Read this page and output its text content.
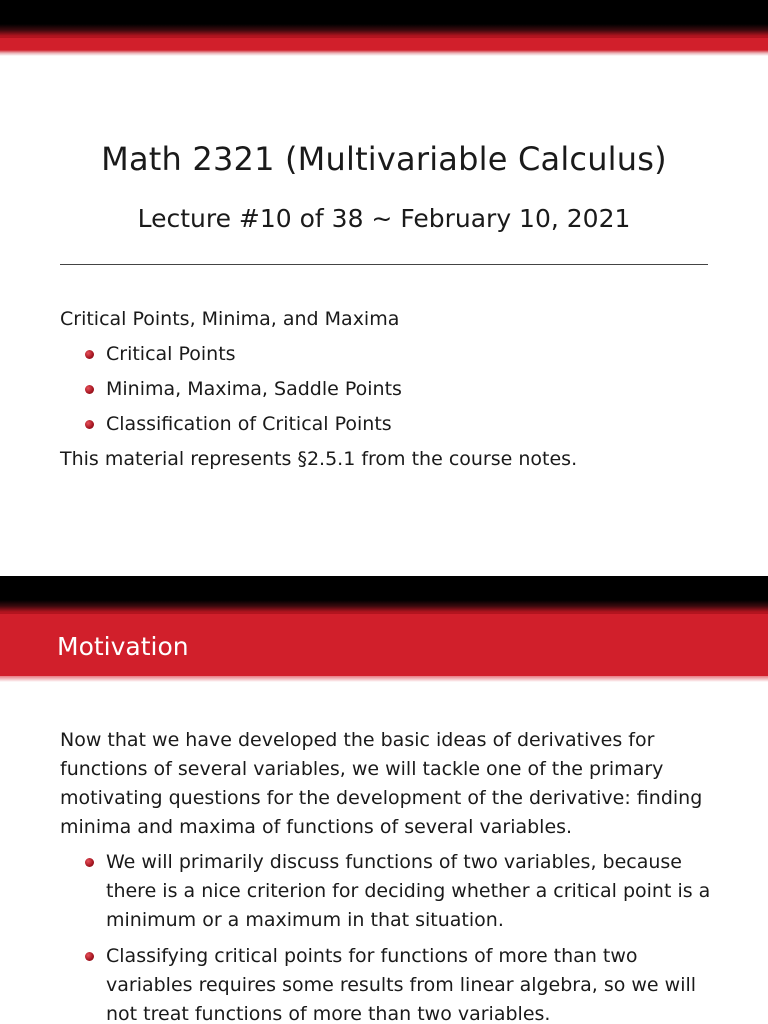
Math 2321 (Multivariable Calculus)
Lecture #10 of 38 ∼ February 10, 2021
Critical Points, Minima, and Maxima
Critical Points
Minima, Maxima, Saddle Points
Classification of Critical Points
This material represents §2.5.1 from the course notes.
Motivation

Now that we have developed the basic ideas of derivatives for functions of several variables, we will tackle one of the primary motivating questions for the development of the derivative: finding minima and maxima of functions of several variables.

We will primarily discuss functions of two variables, because there is a nice criterion for deciding whether a critical point is a minimum or a maximum in that situation.
Classifying critical points for functions of more than two variables requires some results from linear algebra, so we will not treat functions of more than two variables.
